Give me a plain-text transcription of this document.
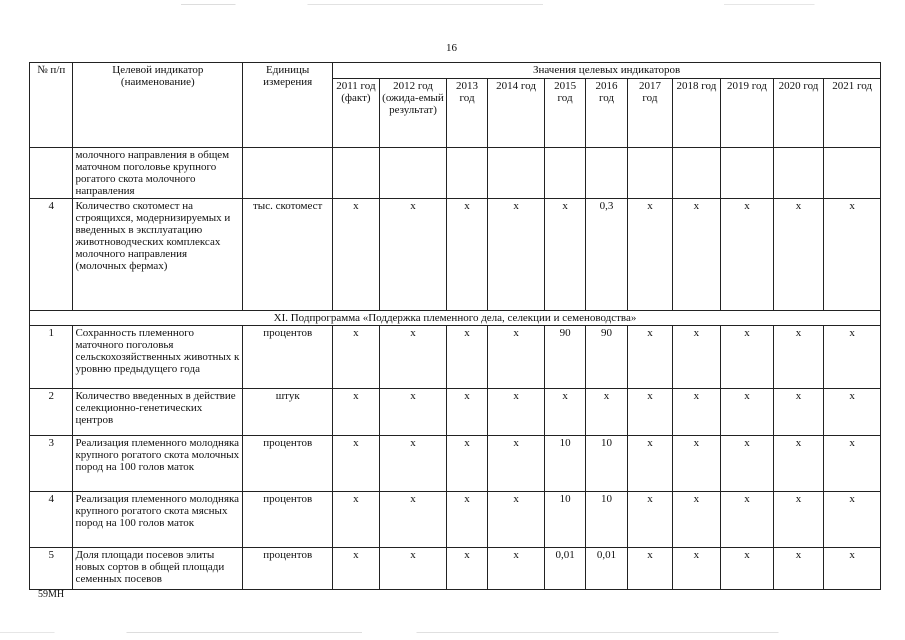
16
№ п/п	Целевой индикатор (наименование)	Единицы измерения	Значения целевых индикаторов										
			2011 год (факт)	2012 год (ожида-емый результат)	2013 год	2014 год	2015 год	2016 год	2017 год	2018 год	2019 год	2020 год	2021 год
	молочного направления в общем маточном поголовье крупного рогатого скота молочного направления												
4	Количество скотомест на строящихся, модернизируемых и введенных в эксплуатацию животноводческих комплексах молочного направления (молочных фермах)	тыс. скотомест	х	х	х	х	х	0,3	х	х	х	х	х
XI. Подпрограмма «Поддержка племенного дела, селекции и семеноводства»													
1	Сохранность племенного маточного поголовья сельскохозяйственных животных к уровню предыдущего года	процентов	х	х	х	х	90	90	х	х	х	х	х
2	Количество введенных в действие селекционно-генетических центров	штук	х	х	х	х	х	х	х	х	х	х	х
3	Реализация племенного молодняка крупного рогатого скота молочных пород на 100 голов маток	процентов	х	х	х	х	10	10	х	х	х	х	х
4	Реализация племенного молодняка крупного рогатого скота мясных пород на 100 голов маток	процентов	х	х	х	х	10	10	х	х	х	х	х
5	Доля площади посевов элиты новых сортов в общей площади семенных посевов	процентов	х	х	х	х	0,01	0,01	х	х	х	х	х
59МН
